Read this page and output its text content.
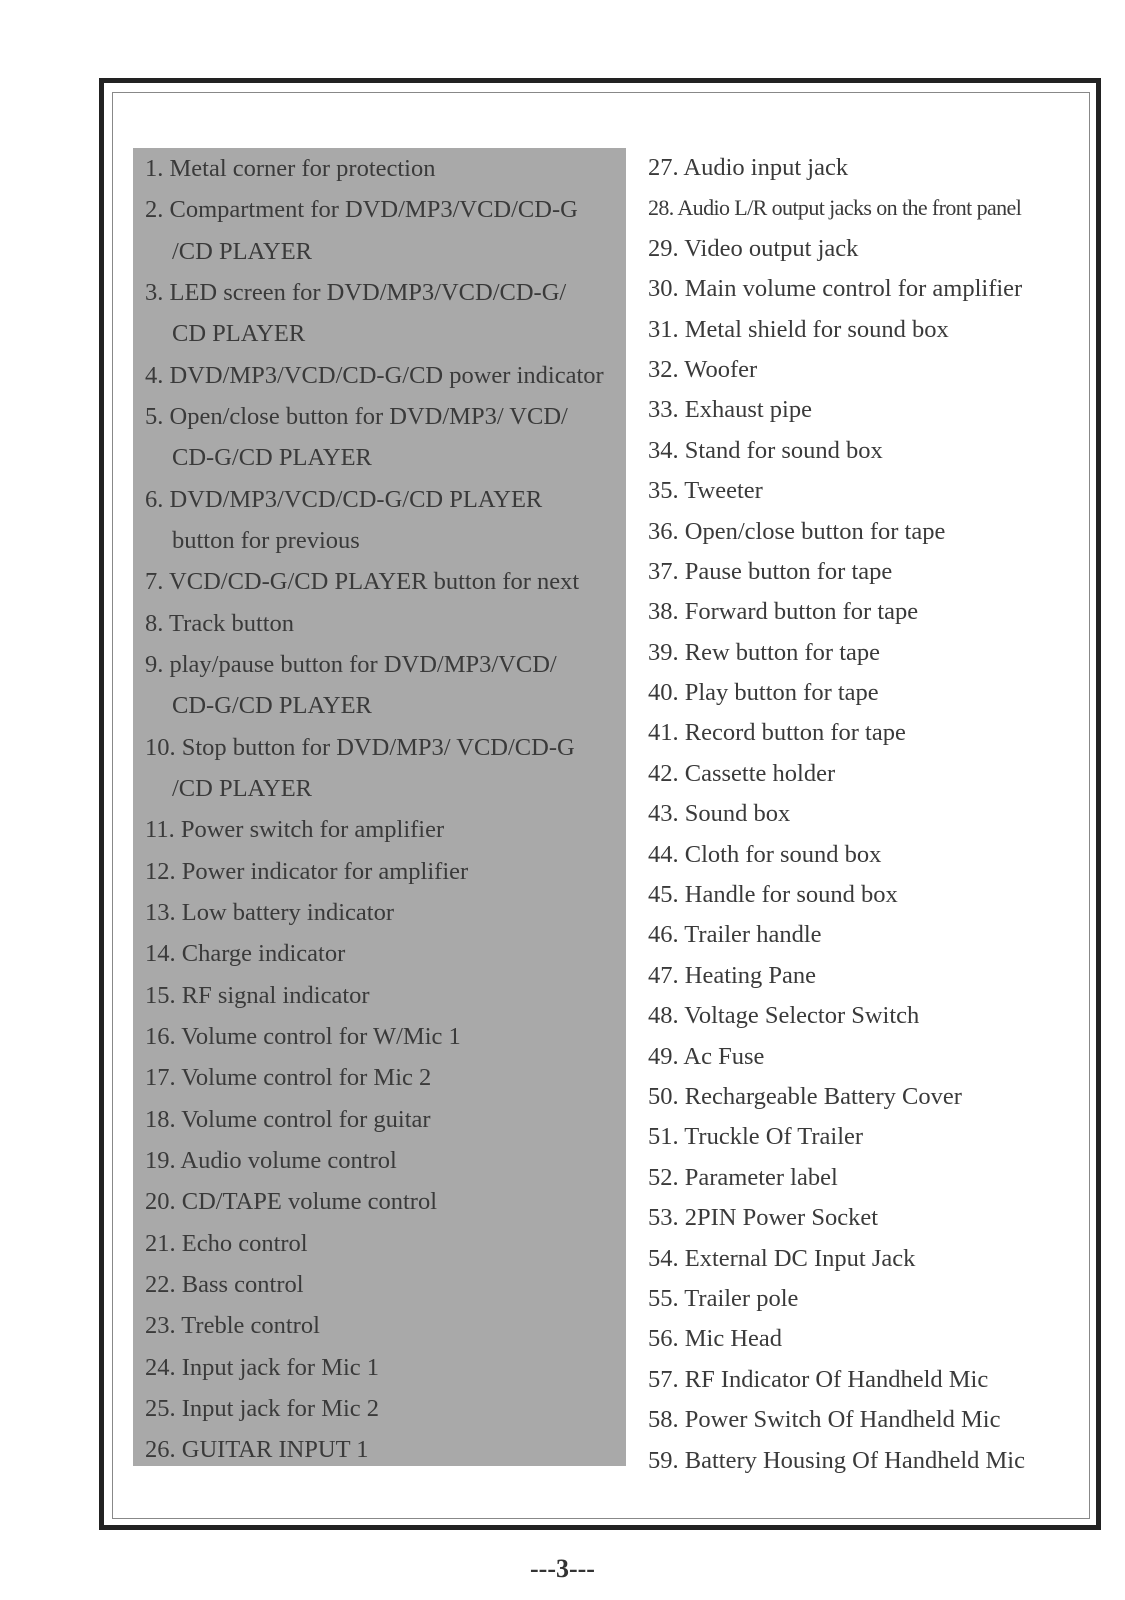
1. Metal corner for protection
2. Compartment for DVD/MP3/VCD/CD-G
/CD PLAYER
3. LED screen for DVD/MP3/VCD/CD-G/
CD PLAYER
4. DVD/MP3/VCD/CD-G/CD power indicator
5. Open/close button for DVD/MP3/ VCD/
CD-G/CD PLAYER
6. DVD/MP3/VCD/CD-G/CD PLAYER
button for previous
7. VCD/CD-G/CD PLAYER button for next
8. Track button
9. play/pause button for DVD/MP3/VCD/
CD-G/CD PLAYER
10. Stop button for DVD/MP3/ VCD/CD-G
/CD PLAYER
11. Power switch for amplifier
12. Power indicator for amplifier
13. Low battery indicator
14. Charge indicator
15. RF signal indicator
16. Volume control for W/Mic 1
17. Volume control for Mic 2
18. Volume control for guitar
19. Audio volume control
20. CD/TAPE volume control
21. Echo control
22. Bass control
23. Treble control
24. Input jack for Mic 1
25. Input jack for Mic 2
26. GUITAR INPUT 1
27. Audio input jack
28. Audio L/R output jacks on the front panel
29. Video output jack
30. Main volume control for amplifier
31. Metal shield for sound box
32. Woofer
33. Exhaust pipe
34. Stand for sound box
35. Tweeter
36. Open/close button for tape
37. Pause button for tape
38. Forward button for tape
39. Rew button for tape
40. Play button for tape
41. Record button for tape
42. Cassette holder
43. Sound box
44. Cloth for sound box
45. Handle for sound box
46. Trailer handle
47. Heating Pane
48. Voltage Selector Switch
49. Ac Fuse
50. Rechargeable Battery Cover
51. Truckle Of Trailer
52. Parameter label
53. 2PIN Power Socket
54. External DC Input Jack
55. Trailer pole
56. Mic Head
57. RF Indicator Of Handheld Mic
58. Power Switch Of Handheld Mic
59. Battery Housing Of Handheld Mic
---3---
